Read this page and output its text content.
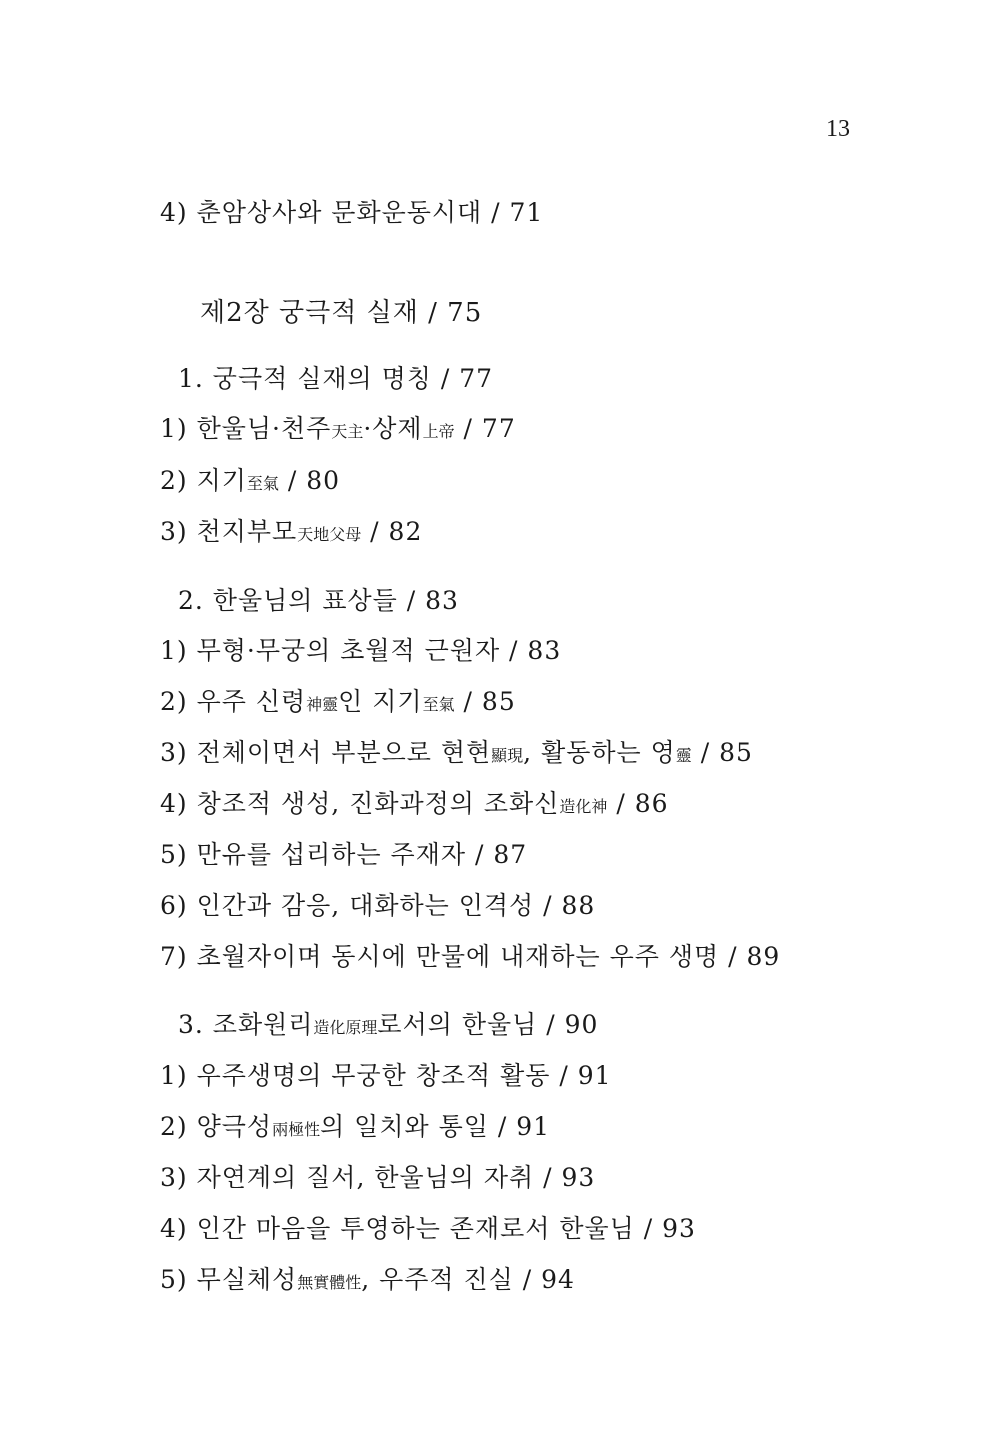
13
4) 춘암상사와 문화운동시대 / 71
제2장 궁극적 실재 / 75
1. 궁극적 실재의 명칭 / 77
1) 한울님·천주天主·상제上帝 / 77
2) 지기至氣 / 80
3) 천지부모天地父母 / 82
2. 한울님의 표상들 / 83
1) 무형·무궁의 초월적 근원자 / 83
2) 우주 신령神靈인 지기至氣 / 85
3) 전체이면서 부분으로 현현顯現, 활동하는 영靈 / 85
4) 창조적 생성, 진화과정의 조화신造化神 / 86
5) 만유를 섭리하는 주재자 / 87
6) 인간과 감응, 대화하는 인격성 / 88
7) 초월자이며 동시에 만물에 내재하는 우주 생명 / 89
3. 조화원리造化原理로서의 한울님 / 90
1) 우주생명의 무궁한 창조적 활동 / 91
2) 양극성兩極性의 일치와 통일 / 91
3) 자연계의 질서, 한울님의 자취 / 93
4) 인간 마음을 투영하는 존재로서 한울님 / 93
5) 무실체성無實體性, 우주적 진실 / 94
